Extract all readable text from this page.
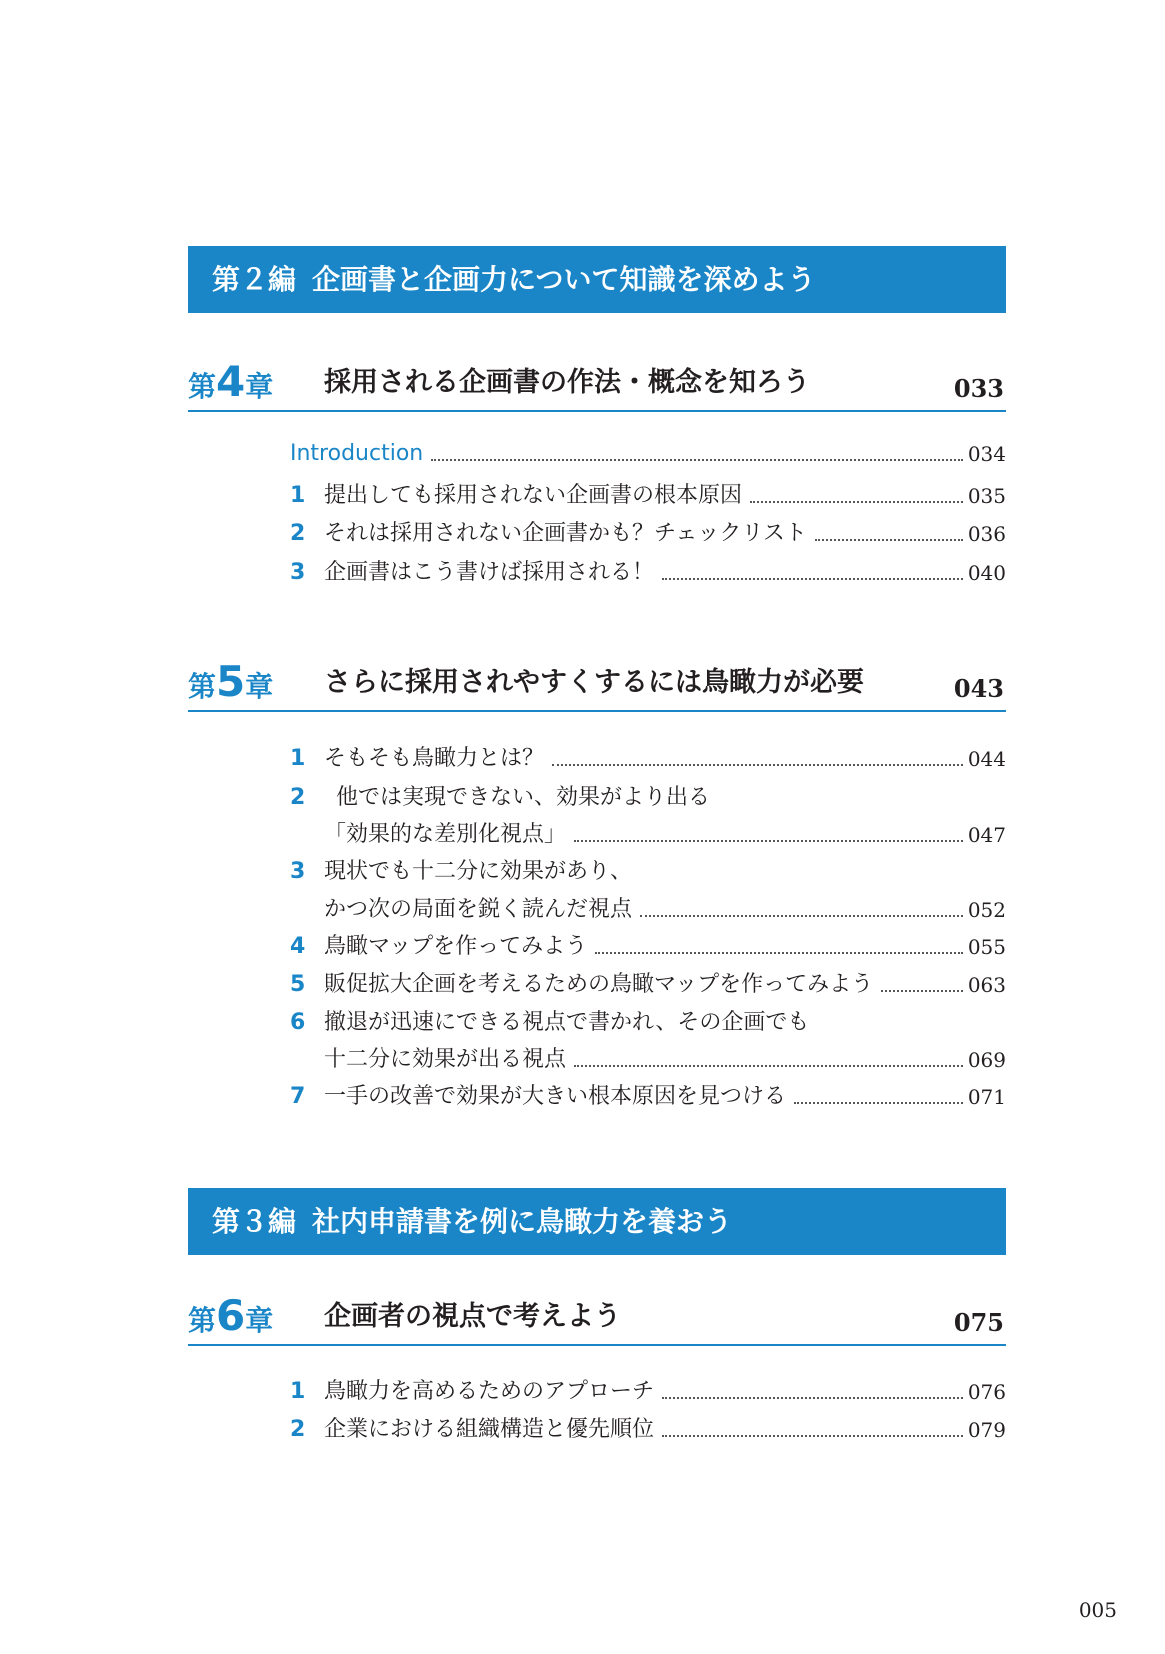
第２編 企画書と企画力について知識を深めよう
第4章 採用される企画書の作法・概念を知ろう	033
Introduction	034
1 提出しても採用されない企画書の根本原因	035
2 それは採用されない企画書かも？チェックリスト	036
3 企画書はこう書けば採用される！	040
第5章 さらに採用されやすくするには鳥瞰力が必要	043
1 そもそも鳥瞰力とは？	044
2	他では実現できない、効果がより出る
「効果的な差別化視点」	047
3 現状でも十二分に効果があり、
かつ次の局面を鋭く読んだ視点	052
4 鳥瞰マップを作ってみよう	055
5 販促拡大企画を考えるための鳥瞰マップを作ってみよう	063
6 撤退が迅速にできる視点で書かれ、その企画でも
十二分に効果が出る視点	069
7 一手の改善で効果が大きい根本原因を見つける	071
第３編 社内申請書を例に鳥瞰力を養おう
第6章 企画者の視点で考えよう	075
1 鳥瞰力を高めるためのアプローチ	076
2 企業における組織構造と優先順位	079
005
